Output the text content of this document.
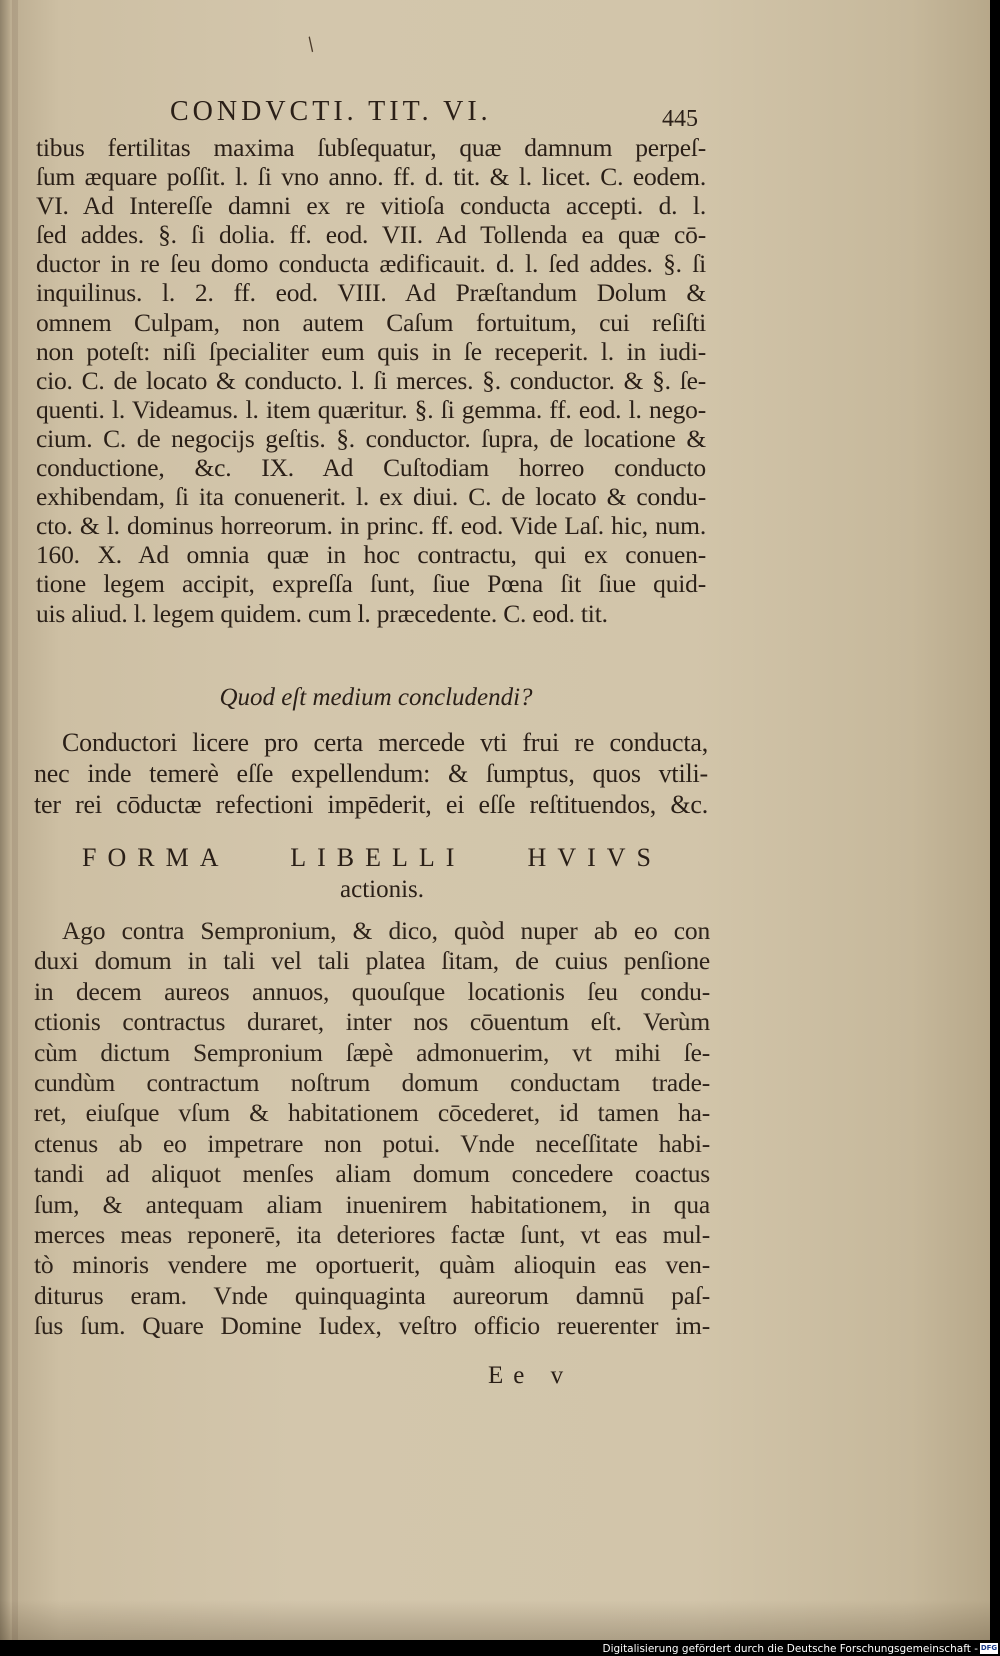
/
CONDVCTI. TIT. VI.	445
tibus fertilitas maxima ſubſequatur, quæ damnum perpeſ-
ſum æquare poſſit. l. ſi vno anno. ff. d. tit. & l. licet. C. eodem.
VI. Ad Intereſſe damni ex re vitioſa conducta accepti. d. l.
ſed addes. §. ſi dolia. ff. eod. VII. Ad Tollenda ea quæ cō-
ductor in re ſeu domo conducta ædificauit. d. l. ſed addes. §. ſi
inquilinus. l. 2. ff. eod. VIII. Ad Præſtandum Dolum &
omnem Culpam, non autem Caſum fortuitum, cui reſiſti
non poteſt: niſi ſpecialiter eum quis in ſe receperit. l. in iudi-
cio. C. de locato & conducto. l. ſi merces. §. conductor. & §. ſe-
quenti. l. Videamus. l. item quæritur. §. ſi gemma. ff. eod. l. nego-
cium. C. de negocijs geſtis. §. conductor. ſupra, de locatione &
conductione, &c. IX. Ad Cuſtodiam horreo conducto
exhibendam, ſi ita conuenerit. l. ex diui. C. de locato & condu-
cto. & l. dominus horreorum. in princ. ff. eod. Vide Laſ. hic, num.
160. X. Ad omnia quæ in hoc contractu, qui ex conuen-
tione legem accipit, expreſſa ſunt, ſiue Pœna ſit ſiue quid-
uis aliud. l. legem quidem. cum l. præcedente. C. eod. tit.
Quod eſt medium concludendi?
Conductori licere pro certa mercede vti frui re conducta,
nec inde temerè eſſe expellendum: & ſumptus, quos vtili-
ter rei cōductæ refectioni impēderit, ei eſſe reſtituendos, &c.
FORMA LIBELLI HVIVS
actionis.
Ago contra Sempronium, & dico, quòd nuper ab eo con
duxi domum in tali vel tali platea ſitam, de cuius penſione
in decem aureos annuos, quouſque locationis ſeu condu-
ctionis contractus duraret, inter nos cōuentum eſt. Verùm
cùm dictum Sempronium ſæpè admonuerim, vt mihi ſe-
cundùm contractum noſtrum domum conductam trade-
ret, eiuſque vſum & habitationem cōcederet, id tamen ha-
ctenus ab eo impetrare non potui. Vnde neceſſitate habi-
tandi ad aliquot menſes aliam domum concedere coactus
ſum, & antequam aliam inuenirem habitationem, in qua
merces meas reponerē, ita deteriores factæ ſunt, vt eas mul-
tò minoris vendere me oportuerit, quàm alioquin eas ven-
diturus eram. Vnde quinquaginta aureorum damnū paſ-
ſus ſum. Quare Domine Iudex, veſtro officio reuerenter im-
Ee v
Digitalisierung gefördert durch die Deutsche Forschungsgemeinschaft - DFG
